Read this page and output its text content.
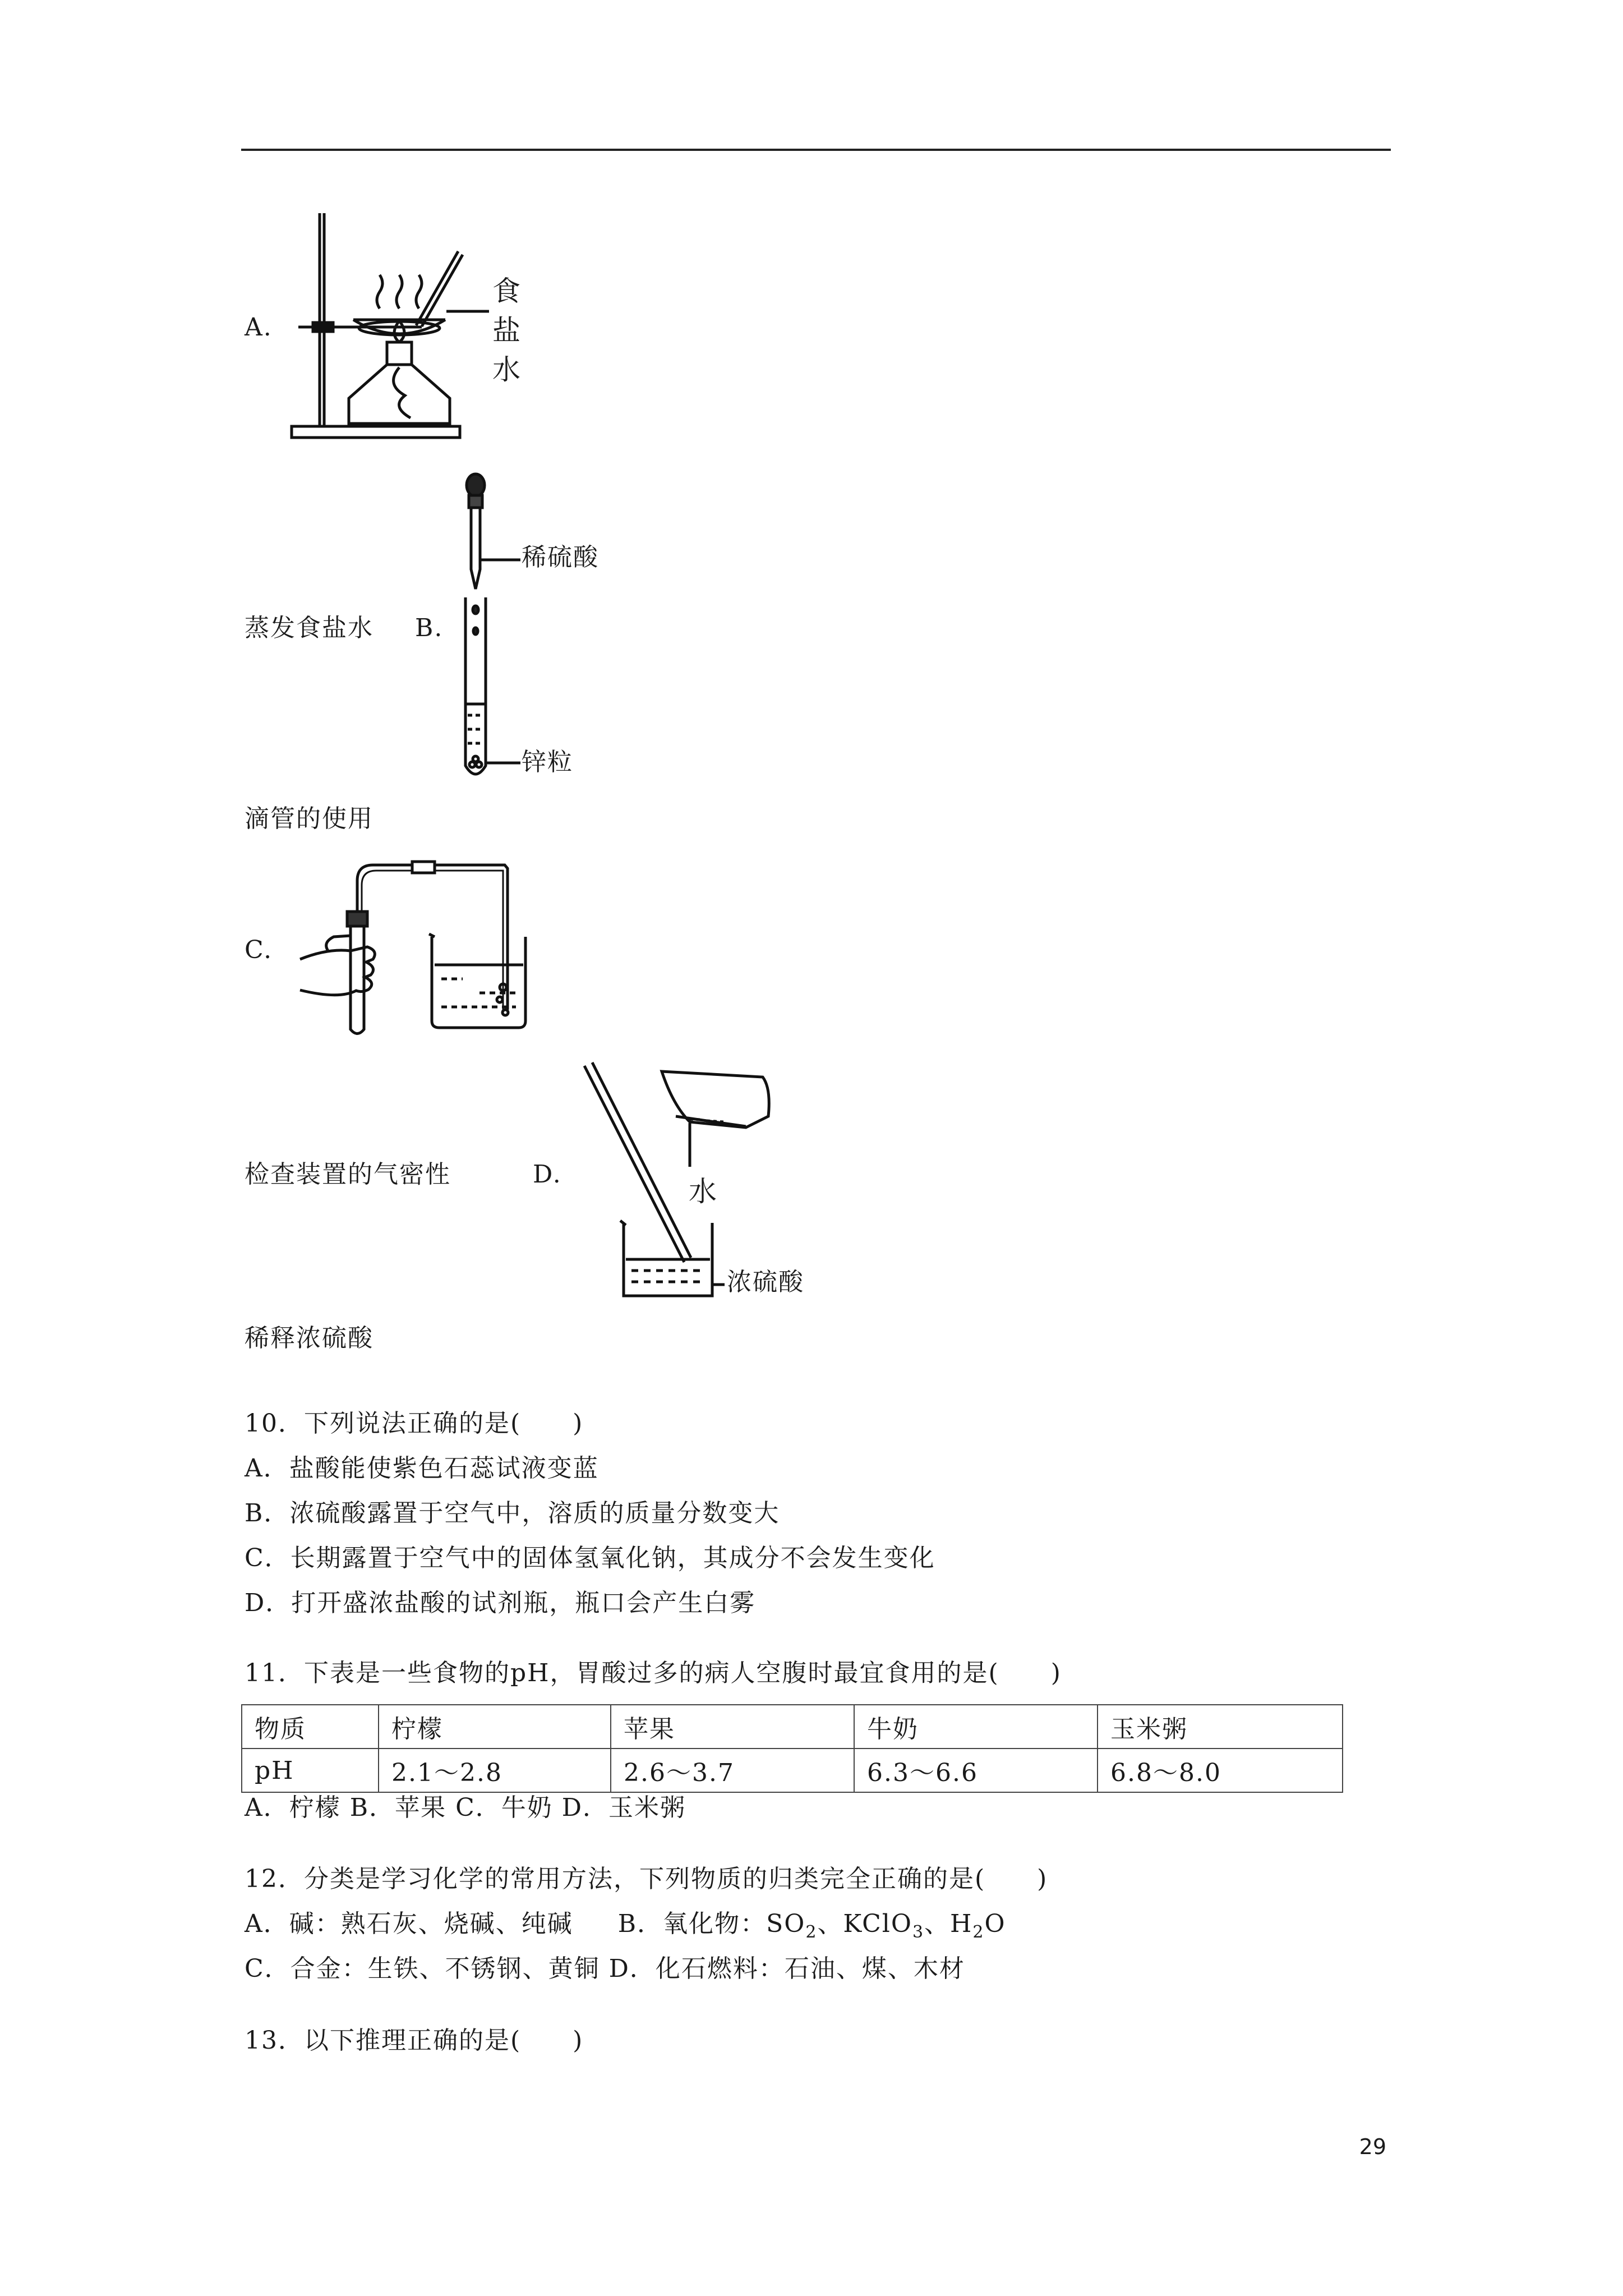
A.
食
盐
水
蒸发食盐水 B.
稀硫酸
锌粒
滴管的使用
C.
检查装置的气密性	D.
水
浓硫酸
稀释浓硫酸
10．下列说法正确的是(　　)
A．盐酸能使紫色石蕊试液变蓝
B．浓硫酸露置于空气中，溶质的质量分数变大
C．长期露置于空气中的固体氢氧化钠，其成分不会发生变化
D．打开盛浓盐酸的试剂瓶，瓶口会产生白雾
11．下表是一些食物的pH，胃酸过多的病人空腹时最宜食用的是(　　)
物质	柠檬	苹果	牛奶	玉米粥
pH	2.1～2.8	2.6～3.7	6.3～6.6	6.8～8.0
A．柠檬 B．苹果 C．牛奶 D．玉米粥
12．分类是学习化学的常用方法，下列物质的归类完全正确的是(　　)
A．碱：熟石灰、烧碱、纯碱 B．氧化物：$SO_2$、KClO$_3$、$H_2O$
C．合金：生铁、不锈钢、黄铜 D．化石燃料：石油、煤、木材
13．以下推理正确的是(　　)
29
